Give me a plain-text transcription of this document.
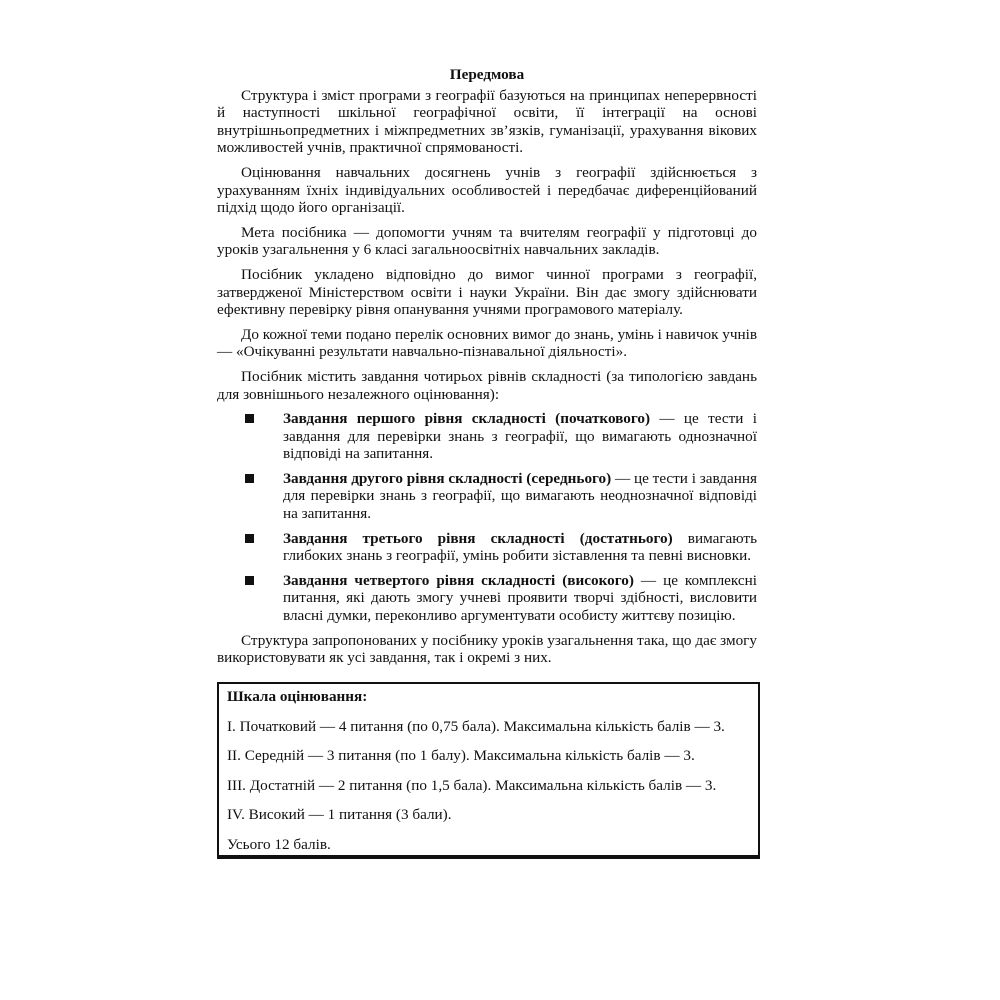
Передмова

Структура і зміст програми з географії базуються на принципах неперервності й наступності шкільної географічної освіти, її інтеграції на основі внутрішньопредметних і міжпредметних зв’язків, гуманізації, урахування вікових можливостей учнів, практичної спрямованості.

Оцінювання навчальних досягнень учнів з географії здійснюється з урахуванням їхніх індивідуальних особливостей і передбачає диференційований підхід щодо його організації.

Мета посібника — допомогти учням та вчителям географії у підготовці до уроків узагальнення у 6 класі загальноосвітніх навчальних закладів.

Посібник укладено відповідно до вимог чинної програми з географії, затвердженої Міністерством освіти і науки України. Він дає змогу здійснювати ефективну перевірку рівня опанування учнями програмового матеріалу.

До кожної теми подано перелік основних вимог до знань, умінь і навичок учнів — «Очікуванні результати навчально-пізнавальної діяльності».

Посібник містить завдання чотирьох рівнів складності (за типологією завдань для зовнішнього незалежного оцінювання):

Завдання першого рівня складності (початкового) — це тести і завдання для перевірки знань з географії, що вимагають однозначної відповіді на запитання.
Завдання другого рівня складності (середнього) — це тести і завдання для перевірки знань з географії, що вимагають неоднозначної відповіді на запитання.
Завдання третього рівня складності (достатнього) вимагають глибоких знань з географії, умінь робити зіставлення та певні висновки.
Завдання четвертого рівня складності (високого) — це комплексні питання, які дають змогу учневі проявити творчі здібності, висловити власні думки, переконливо аргументувати особисту життєву позицію.

Структура запропонованих у посібнику уроків узагальнення така, що дає змогу використовувати як усі завдання, так і окремі з них.

Шкала оцінювання:

I. Початковий — 4 питання (по 0,75 бала). Максимальна кількість балів — 3.

II. Середній — 3 питання (по 1 балу). Максимальна кількість балів — 3.

III. Достатній — 2 питання (по 1,5 бала). Максимальна кількість балів — 3.

IV. Високий — 1 питання (3 бали).

Усього 12 балів.
